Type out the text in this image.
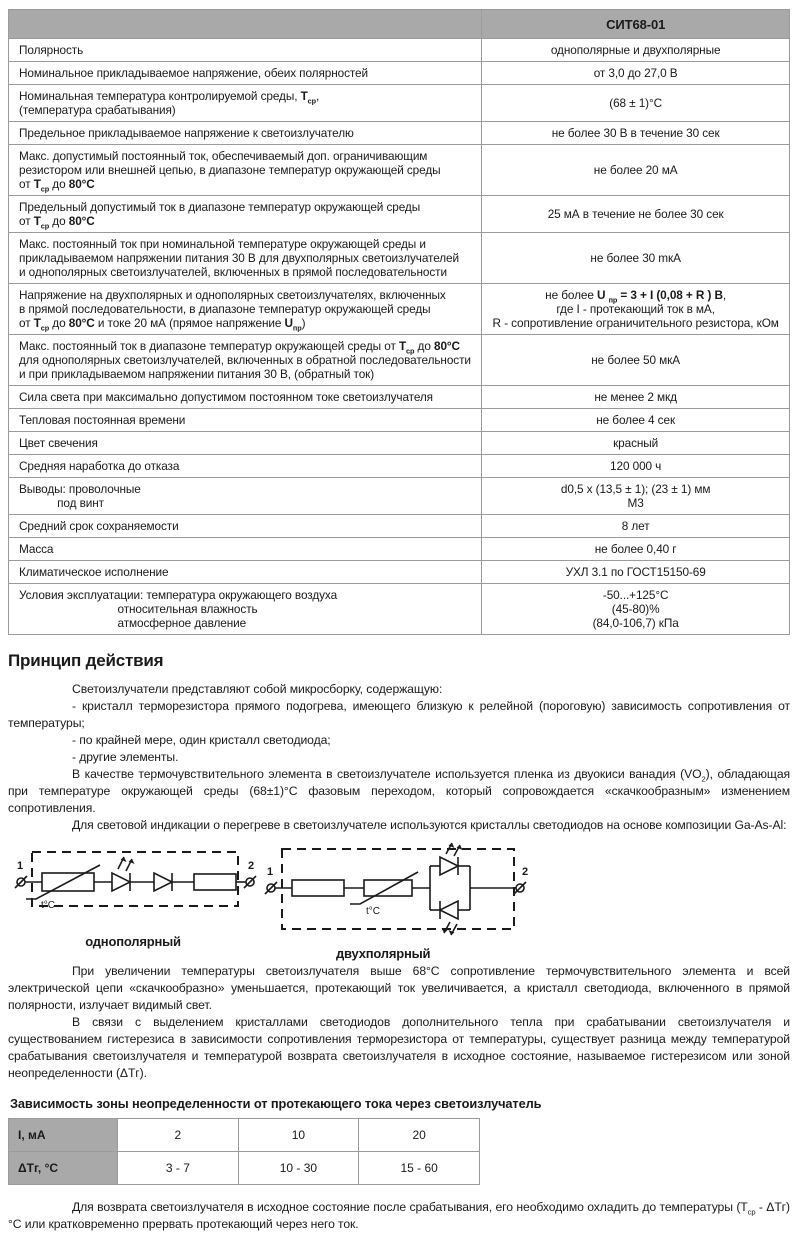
	СИТ68-01
Полярность	однополярные и двухполярные
Номинальное прикладываемое напряжение, обеих полярностей	от 3,0 до 27,0 В
Номинальная температура контролируемой среды, $Т_{ср}$,
(температура срабатывания)	(68 ± 1)°С
Предельное прикладываемое напряжение к светоизлучателю	не более 30 В в течение 30 сек
Макс. допустимый постоянный ток, обеспечиваемый доп. ограничивающим
резистором или внешней цепью, в диапазоне температур окружающей среды
от $Т_{ср}$ до 80°С	не более 20 мА
Предельный допустимый ток в диапазоне температур окружающей среды
от $Т_{ср}$ до 80°С	25 мА в течение не более 30 сек
Макс. постоянный ток при номинальной температуре окружающей среды и
прикладываемом напряжении питания 30 В для двухполярных светоизлучателей
и однополярных светоизлучателей, включенных в прямой последовательности	не более 30 mкА
Напряжение на двухполярных и однополярных светоизлучателях, включенных
в прямой последовательности, в диапазоне температур окружающей среды
от $Т_{ср}$ до 80°С и токе 20 мА (прямое напряжение $U_{пр}$)	не более U $_{пр}$ = 3 + I (0,08 + R ) В,
где I - протекающий ток в мА,
R - сопротивление ограничительного резистора, кОм
Макс. постоянный ток в диапазоне температур окружающей среды от $Т_{ср}$ до 80°С
для однополярных светоизлучателей, включенных в обратной последовательности
и при прикладываемом напряжении питания 30 В, (обратный ток)	не более 50 мкА
Сила света при максимально допустимом постоянном токе светоизлучателя	не менее 2 мкд
Тепловая постоянная времени	не более 4 сек
Цвет свечения	красный
Средняя наработка до отказа	120 000 ч
Выводы: проволочные
под винт	d0,5 х (13,5 ± 1); (23 ± 1) мм
М3
Средний срок сохраняемости	8 лет
Масса	не более 0,40 г
Климатическое исполнение	УХЛ 3.1 по ГОСТ15150-69
Условия эксплуатации: температура окружающего воздуха
относительная влажность
атмосферное давление	-50...+125°С
(45-80)%
(84,0-106,7) кПа
Принцип действия

Светоизлучатели представляют собой микросборку, содержащую:

- кристалл терморезистора прямого подогрева, имеющего близкую к релейной (пороговую) зависимость сопротивления от температуры;

- по крайней мере, один кристалл светодиода;

- другие элементы.

В качестве термочувствительного элемента в светоизлучателе используется пленка из двуокиси ванадия $(VO_2)$, обладающая при температуре окружающей среды (68±1)°С фазовым переходом, который сопровождается «скачкообразным» изменением сопротивления.

Для световой индикации о перегреве в светоизлучателе используются кристаллы светодиодов на основе композиции Ga-As-Al:

1
t°С
2
однополярный
1
t°С
2
двухполярный

При увеличении температуры светоизлучателя выше 68°С сопротивление термочувствительного элемента и всей электрической цепи «скачкообразно» уменьшается, протекающий ток увеличивается, а кристалл светодиода, включенного в прямой полярности, излучает видимый свет.

В связи с выделением кристаллами светодиодов дополнительного тепла при срабатывании светоизлучателя и существованием гистерезиса в зависимости сопротивления терморезистора от температуры, существует разница между температурой срабатывания светоизлучателя и температурой возврата светоизлучателя в исходное состояние, называемое гистерезисом или зоной неопределенности (ΔТг).

Зависимость зоны неопределенности от протекающего тока через светоизлучатель
I, мА	2	10	20
ΔТг, °С	3 - 7	10 - 30	15 - 60

Для возврата светоизлучателя в исходное состояние после срабатывания, его необходимо охладить до температуры $(Т_{ср} - \Delta Тг)^\circ С$ или кратковременно прервать протекающий через него ток.
